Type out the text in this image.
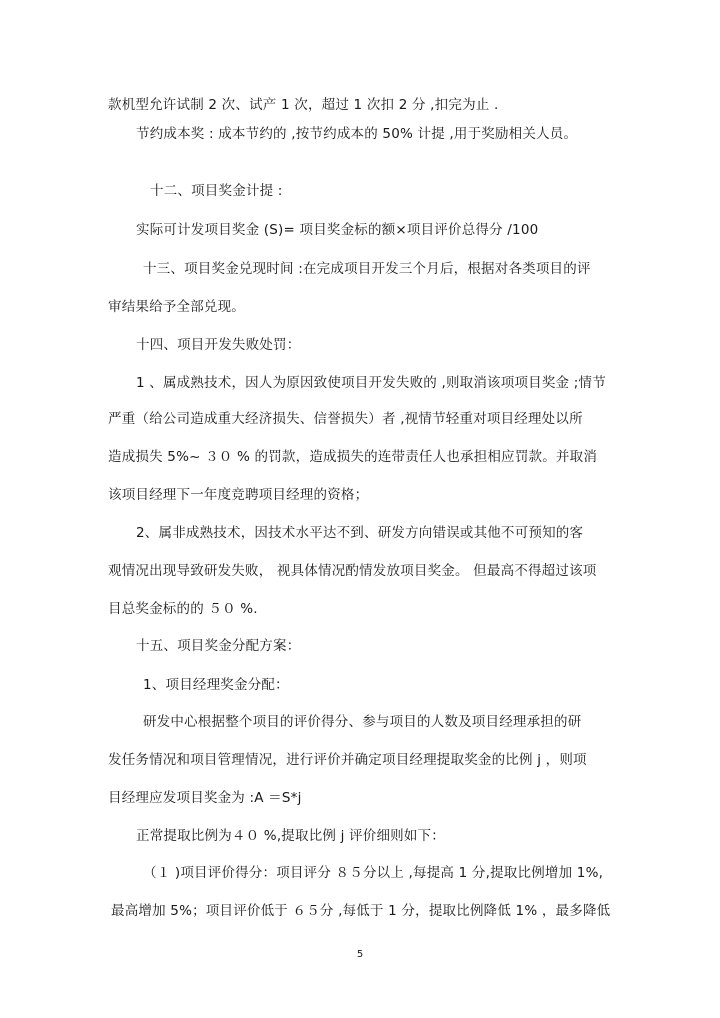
款机型允许试制 2 次、试产 1 次，超过 1 次扣 2 分 ,扣完为止 .

节约成本奖 : 成本节约的 ,按节约成本的 50% 计提 ,用于奖励相关人员。

十二、项目奖金计提 :

实际可计发项目奖金 (S)= 项目奖金标的额×项目评价总得分 /100

十三、项目奖金兑现时间 :在完成项目开发三个月后，根据对各类项目的评

审结果给予全部兑现。

十四、项目开发失败处罚：

1 、属成熟技术，因人为原因致使项目开发失败的 ,则取消该项项目奖金 ;情节

严重（给公司造成重大经济损失、信誉损失）者 ,视情节轻重对项目经理处以所

造成损失 5%~ ３０ % 的罚款，造成损失的连带责任人也承担相应罚款。并取消

该项目经理下一年度竞聘项目经理的资格；

2、属非成熟技术，因技术水平达不到、研发方向错误或其他不可预知的客

观情况出现导致研发失败， 视具体情况酌情发放项目奖金。 但最高不得超过该项

目总奖金标的的 ５０ %.

十五、项目奖金分配方案：

1、项目经理奖金分配：

研发中心根据整个项目的评价得分、参与项目的人数及项目经理承担的研

发任务情况和项目管理情况，进行评价并确定项目经理提取奖金的比例 j ，则项

目经理应发项目奖金为 :A ＝S*j

正常提取比例为４０ %,提取比例 j 评价细则如下：

（１ )项目评价得分：项目评分 ８５分以上 ,每提高 1 分,提取比例增加 1%,

最高增加 5%；项目评价低于 ６５分 ,每低于 1 分，提取比例降低 1% ，最多降低

5
